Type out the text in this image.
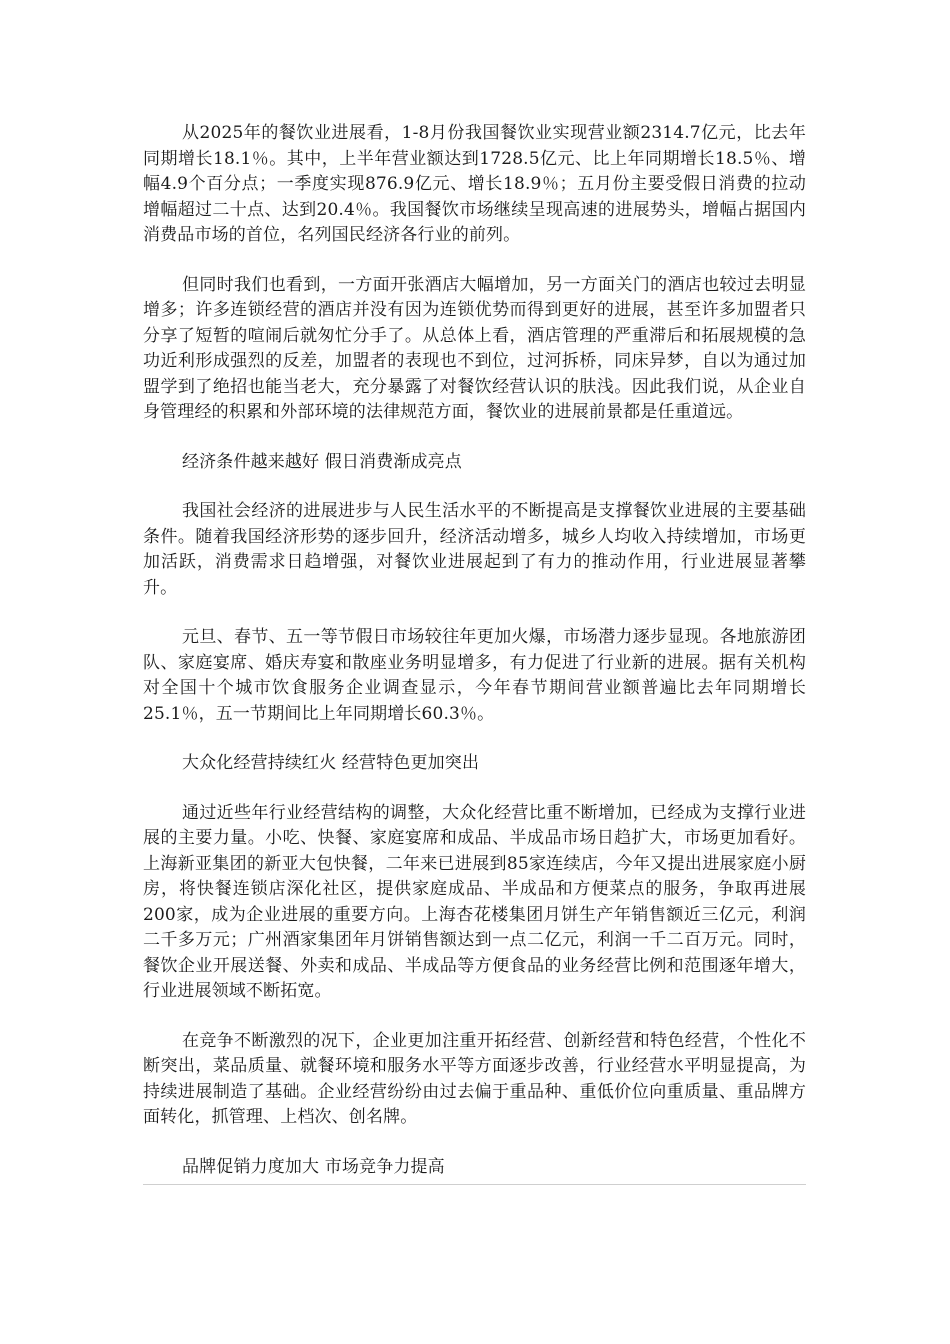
从2025年的餐饮业进展看，1-8月份我国餐饮业实现营业额2314.7亿元，比去年同期增长18.1％。其中，上半年营业额达到1728.5亿元、比上年同期增长18.5％、增幅4.9个百分点；一季度实现876.9亿元、增长18.9％；五月份主要受假日消费的拉动增幅超过二十点、达到20.4％。我国餐饮市场继续呈现高速的进展势头，增幅占据国内消费品市场的首位，名列国民经济各行业的前列。

但同时我们也看到，一方面开张酒店大幅增加，另一方面关门的酒店也较过去明显增多；许多连锁经营的酒店并没有因为连锁优势而得到更好的进展，甚至许多加盟者只分享了短暂的喧闹后就匆忙分手了。从总体上看，酒店管理的严重滞后和拓展规模的急功近利形成强烈的反差，加盟者的表现也不到位，过河拆桥，同床异梦，自以为通过加盟学到了绝招也能当老大，充分暴露了对餐饮经营认识的肤浅。因此我们说，从企业自身管理经的积累和外部环境的法律规范方面，餐饮业的进展前景都是任重道远。

经济条件越来越好 假日消费渐成亮点

我国社会经济的进展进步与人民生活水平的不断提高是支撑餐饮业进展的主要基础条件。随着我国经济形势的逐步回升，经济活动增多，城乡人均收入持续增加，市场更加活跃，消费需求日趋增强，对餐饮业进展起到了有力的推动作用，行业进展显著攀升。

元旦、春节、五一等节假日市场较往年更加火爆，市场潜力逐步显现。各地旅游团队、家庭宴席、婚庆寿宴和散座业务明显增多，有力促进了行业新的进展。据有关机构对全国十个城市饮食服务企业调查显示，今年春节期间营业额普遍比去年同期增长25.1％，五一节期间比上年同期增长60.3％。

大众化经营持续红火 经营特色更加突出

通过近些年行业经营结构的调整，大众化经营比重不断增加，已经成为支撑行业进展的主要力量。小吃、快餐、家庭宴席和成品、半成品市场日趋扩大，市场更加看好。上海新亚集团的新亚大包快餐，二年来已进展到85家连续店，今年又提出进展家庭小厨房，将快餐连锁店深化社区，提供家庭成品、半成品和方便菜点的服务，争取再进展200家，成为企业进展的重要方向。上海杏花楼集团月饼生产年销售额近三亿元，利润二千多万元；广州酒家集团年月饼销售额达到一点二亿元，利润一千二百万元。同时，餐饮企业开展送餐、外卖和成品、半成品等方便食品的业务经营比例和范围逐年增大，行业进展领域不断拓宽。

在竞争不断激烈的况下，企业更加注重开拓经营、创新经营和特色经营，个性化不断突出，菜品质量、就餐环境和服务水平等方面逐步改善，行业经营水平明显提高，为持续进展制造了基础。企业经营纷纷由过去偏于重品种、重低价位向重质量、重品牌方面转化，抓管理、上档次、创名牌。

品牌促销力度加大 市场竞争力提高
